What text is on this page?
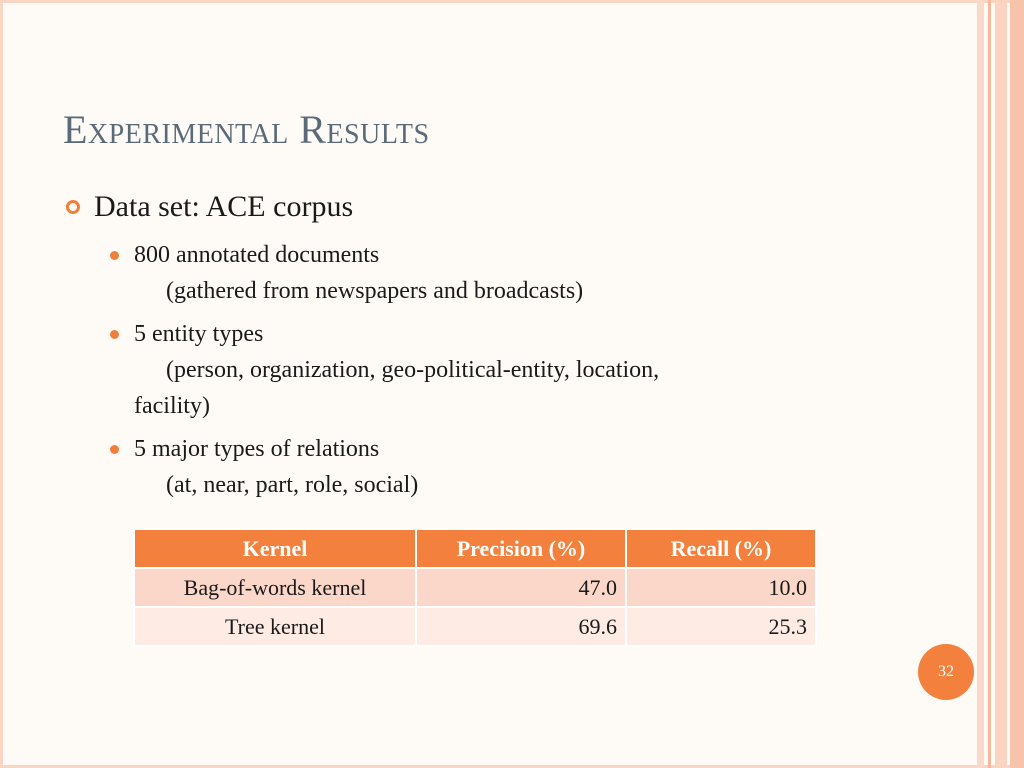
Experimental Results
Data set: ACE corpus
800 annotated documents
(gathered from newspapers and broadcasts)
5 entity types
(person, organization, geo-political-entity, location,
facility)
5 major types of relations
(at, near, part, role, social)
Kernel	Precision (%)	Recall (%)
Bag-of-words kernel	47.0	10.0
Tree kernel	69.6	25.3
32
